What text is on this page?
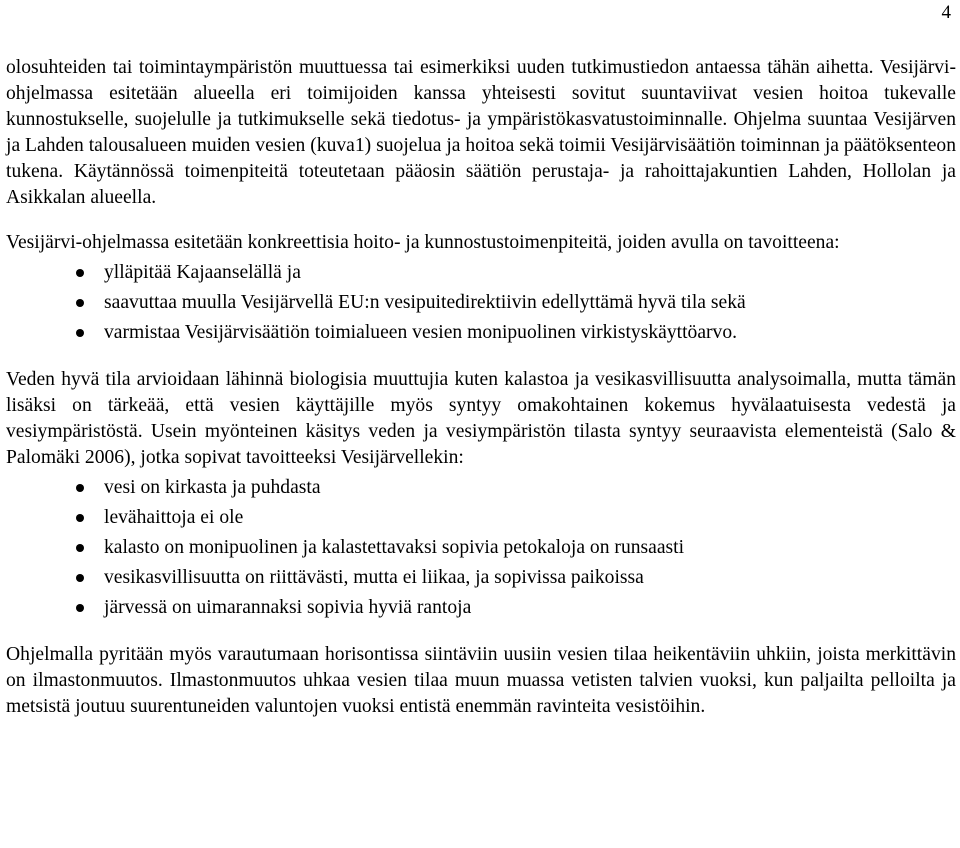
4

olosuhteiden tai toimintaympäristön muuttuessa tai esimerkiksi uuden tutkimustiedon antaessa tähän aihetta. Vesijärvi-ohjelmassa esitetään alueella eri toimijoiden kanssa yhteisesti sovitut suuntaviivat vesien hoitoa tukevalle kunnostukselle, suojelulle ja tutkimukselle sekä tiedotus- ja ympäristökasvatustoiminnalle. Ohjelma suuntaa Vesijärven ja Lahden talousalueen muiden vesien (kuva1) suojelua ja hoitoa sekä toimii Vesijärvisäätiön toiminnan ja päätöksenteon tukena. Käytännössä toimenpiteitä toteutetaan pääosin säätiön perustaja- ja rahoittajakuntien Lahden, Hollolan ja Asikkalan alueella.

Vesijärvi-ohjelmassa esitetään konkreettisia hoito- ja kunnostustoimenpiteitä, joiden avulla on tavoitteena:

ylläpitää Kajaanselällä ja
saavuttaa muulla Vesijärvellä EU:n vesipuitedirektiivin edellyttämä hyvä tila sekä
varmistaa Vesijärvisäätiön toimialueen vesien monipuolinen virkistyskäyttöarvo.

Veden hyvä tila arvioidaan lähinnä biologisia muuttujia kuten kalastoa ja vesikasvillisuutta analysoimalla, mutta tämän lisäksi on tärkeää, että vesien käyttäjille myös syntyy omakohtainen kokemus hyvälaatuisesta vedestä ja vesiympäristöstä. Usein myönteinen käsitys veden ja vesiympäristön tilasta syntyy seuraavista elementeistä (Salo & Palomäki 2006), jotka sopivat tavoitteeksi Vesijärvellekin:

vesi on kirkasta ja puhdasta
levähaittoja ei ole
kalasto on monipuolinen ja kalastettavaksi sopivia petokaloja on runsaasti
vesikasvillisuutta on riittävästi, mutta ei liikaa, ja sopivissa paikoissa
järvessä on uimarannaksi sopivia hyviä rantoja

Ohjelmalla pyritään myös varautumaan horisontissa siintäviin uusiin vesien tilaa heikentäviin uhkiin, joista merkittävin on ilmastonmuutos. Ilmastonmuutos uhkaa vesien tilaa muun muassa vetisten talvien vuoksi, kun paljailta pelloilta ja metsistä joutuu suurentuneiden valuntojen vuoksi entistä enemmän ravinteita vesistöihin.
